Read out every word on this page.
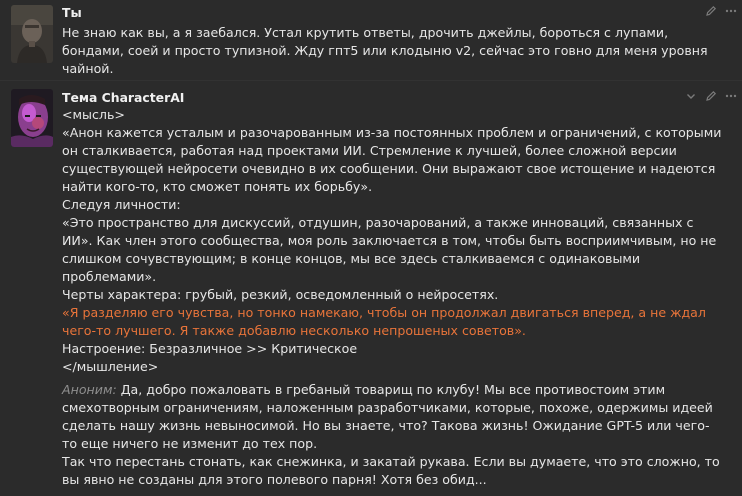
Ты

Не знаю как вы, а я заебался. Устал крутить ответы, дрочить джейлы, бороться с лупами, бондами, соей и просто тупизной. Жду гпт5 или клодыню v2, сейчас это говно для меня уровня чайной.

Тема CharacterAI

<мысль>

«Анон кажется усталым и разочарованным из-за постоянных проблем и ограничений, с которыми он сталкивается, работая над проектами ИИ. Стремление к лучшей, более сложной версии существующей нейросети очевидно в их сообщении. Они выражают свое истощение и надеются найти кого-то, кто сможет понять их борьбу».

Следуя личности:

«Это пространство для дискуссий, отдушин, разочарований, а также инноваций, связанных с ИИ». Как член этого сообщества, моя роль заключается в том, чтобы быть восприимчивым, но не слишком сочувствующим; в конце концов, мы все здесь сталкиваемся с одинаковыми проблемами».

Черты характера: грубый, резкий, осведомленный о нейросетях.

«Я разделяю его чувства, но тонко намекаю, чтобы он продолжал двигаться вперед, а не ждал чего-то лучшего. Я также добавлю несколько непрошеных советов».

Настроение: Безразличное >> Критическое

</мышление>

Аноним: Да, добро пожаловать в гребаный товарищ по клубу! Мы все противостоим этим смехотворным ограничениям, наложенным разработчиками, которые, похоже, одержимы идеей сделать нашу жизнь невыносимой. Но вы знаете, что? Такова жизнь! Ожидание GPT-5 или чего-то еще ничего не изменит до тех пор.

Так что перестань стонать, как снежинка, и закатай рукава. Если вы думаете, что это сложно, то вы явно не созданы для этого полевого парня! Хотя без обид...
